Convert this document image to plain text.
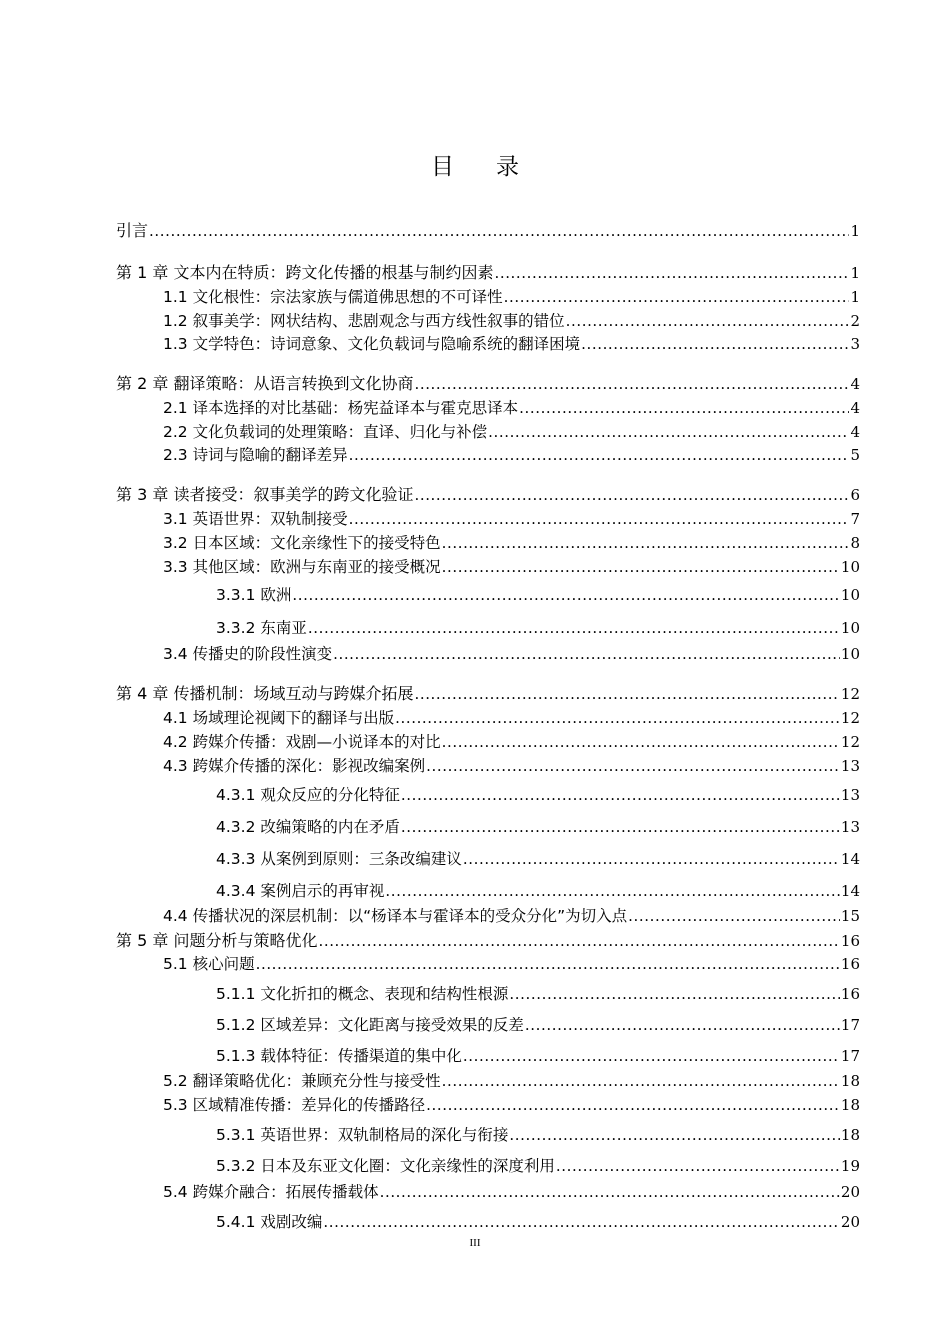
目 录
引言 .....	1
第 1 章 文本内在特质：跨文化传播的根基与制约因素 .....	1
1.1 文化根性：宗法家族与儒道佛思想的不可译性 .....	1
1.2 叙事美学：网状结构、悲剧观念与西方线性叙事的错位 .....	2
1.3 文学特色：诗词意象、文化负载词与隐喻系统的翻译困境 .....	3
第 2 章 翻译策略：从语言转换到文化协商 .....	4
2.1 译本选择的对比基础：杨宪益译本与霍克思译本 .....	4
2.2 文化负载词的处理策略：直译、归化与补偿 .....	4
2.3 诗词与隐喻的翻译差异 .....	5
第 3 章 读者接受：叙事美学的跨文化验证 .....	6
3.1 英语世界：双轨制接受 .....	7
3.2 日本区域：文化亲缘性下的接受特色 .....	8
3.3 其他区域：欧洲与东南亚的接受概况 .....	10
3.3.1 欧洲 .....	10
3.3.2 东南亚 .....	10
3.4 传播史的阶段性演变 .....	10
第 4 章 传播机制：场域互动与跨媒介拓展 .....	12
4.1 场域理论视阈下的翻译与出版 .....	12
4.2 跨媒介传播：戏剧—小说译本的对比 .....	12
4.3 跨媒介传播的深化：影视改编案例 .....	13
4.3.1 观众反应的分化特征 .....	13
4.3.2 改编策略的内在矛盾 .....	13
4.3.3 从案例到原则：三条改编建议 .....	14
4.3.4 案例启示的再审视 .....	14
4.4 传播状况的深层机制：以“杨译本与霍译本的受众分化”为切入点 .....	15
第 5 章 问题分析与策略优化 .....	16
5.1 核心问题 .....	16
5.1.1 文化折扣的概念、表现和结构性根源 .....	16
5.1.2 区域差异：文化距离与接受效果的反差 .....	17
5.1.3 载体特征：传播渠道的集中化 .....	17
5.2 翻译策略优化：兼顾充分性与接受性 .....	18
5.3 区域精准传播：差异化的传播路径 .....	18
5.3.1 英语世界：双轨制格局的深化与衔接 .....	18
5.3.2 日本及东亚文化圈：文化亲缘性的深度利用 .....	19
5.4 跨媒介融合：拓展传播载体 .....	20
5.4.1 戏剧改编 .....	20
III
